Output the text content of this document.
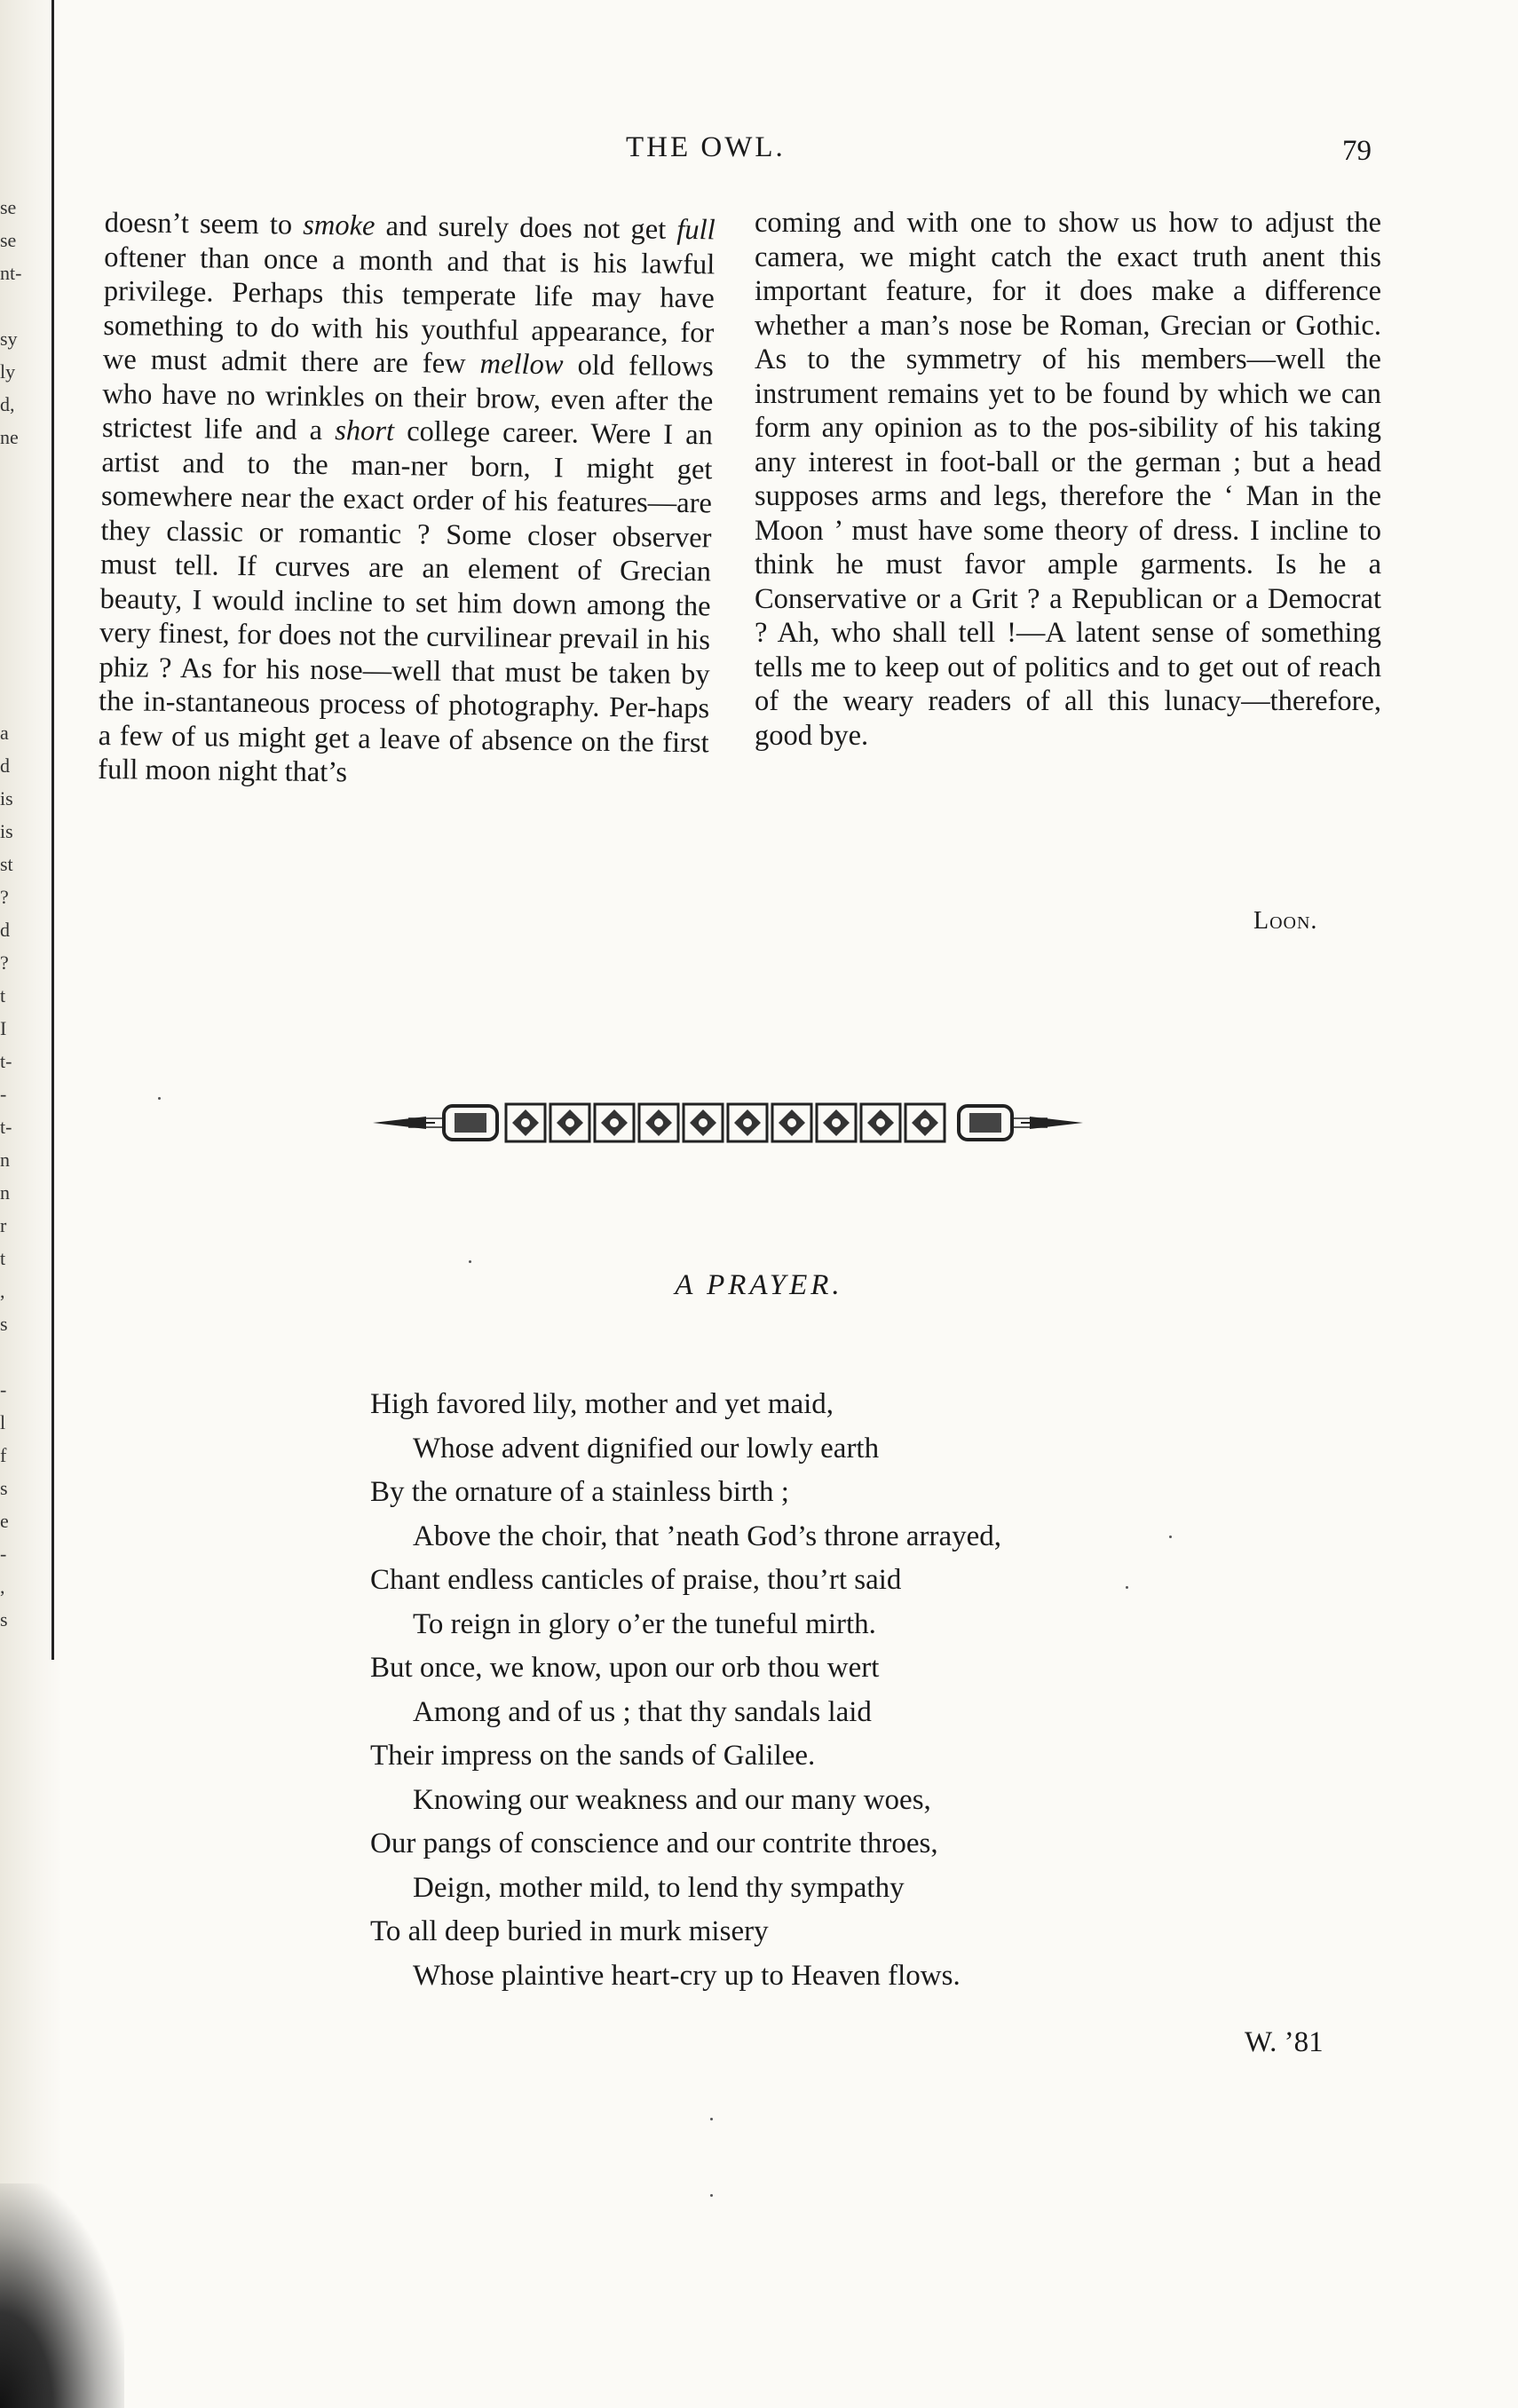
se
se
nt-

sy
ly
d,
ne

a
d
is
is
st
?
d
?
t
I
t-
-
t-
n
n
r
t
,
s

-
l
f
s
e
-
,
s
THE OWL.	79

doesn’t seem to smoke and surely does not get full oftener than once a month and that is his lawful privilege. Perhaps this temperate life may have something to do with his youthful appearance, for we must admit there are few mellow old fellows who have no wrinkles on their brow, even after the strictest life and a short college career. Were I an artist and to the man-ner born, I might get somewhere near the exact order of his features—are they classic or romantic ? Some closer observer must tell. If curves are an element of Grecian beauty, I would incline to set him down among the very finest, for does not the curvilinear prevail in his phiz ? As for his nose—well that must be taken by the in-stantaneous process of photography. Per-haps a few of us might get a leave of absence on the first full moon night that’s

coming and with one to show us how to adjust the camera, we might catch the exact truth anent this important feature, for it does make a difference whether a man’s nose be Roman, Grecian or Gothic. As to the symmetry of his members—well the instrument remains yet to be found by which we can form any opinion as to the pos-sibility of his taking any interest in foot-ball or the german ; but a head supposes arms and legs, therefore the ‘ Man in the Moon ’ must have some theory of dress. I incline to think he must favor ample garments. Is he a Conservative or a Grit ? a Republican or a Democrat ? Ah, who shall tell !—A latent sense of something tells me to keep out of politics and to get out of reach of the weary readers of all this lunacy—therefore, good bye.

Loon.
A PRAYER.
High favored lily, mother and yet maid,
Whose advent dignified our lowly earth
By the ornature of a stainless birth ;
Above the choir, that ’neath God’s throne arrayed,
Chant endless canticles of praise, thou’rt said
To reign in glory o’er the tuneful mirth.
But once, we know, upon our orb thou wert
Among and of us ; that thy sandals laid
Their impress on the sands of Galilee.
Knowing our weakness and our many woes,
Our pangs of conscience and our contrite throes,
Deign, mother mild, to lend thy sympathy
To all deep buried in murk misery
Whose plaintive heart-cry up to Heaven flows.
W. ’81
